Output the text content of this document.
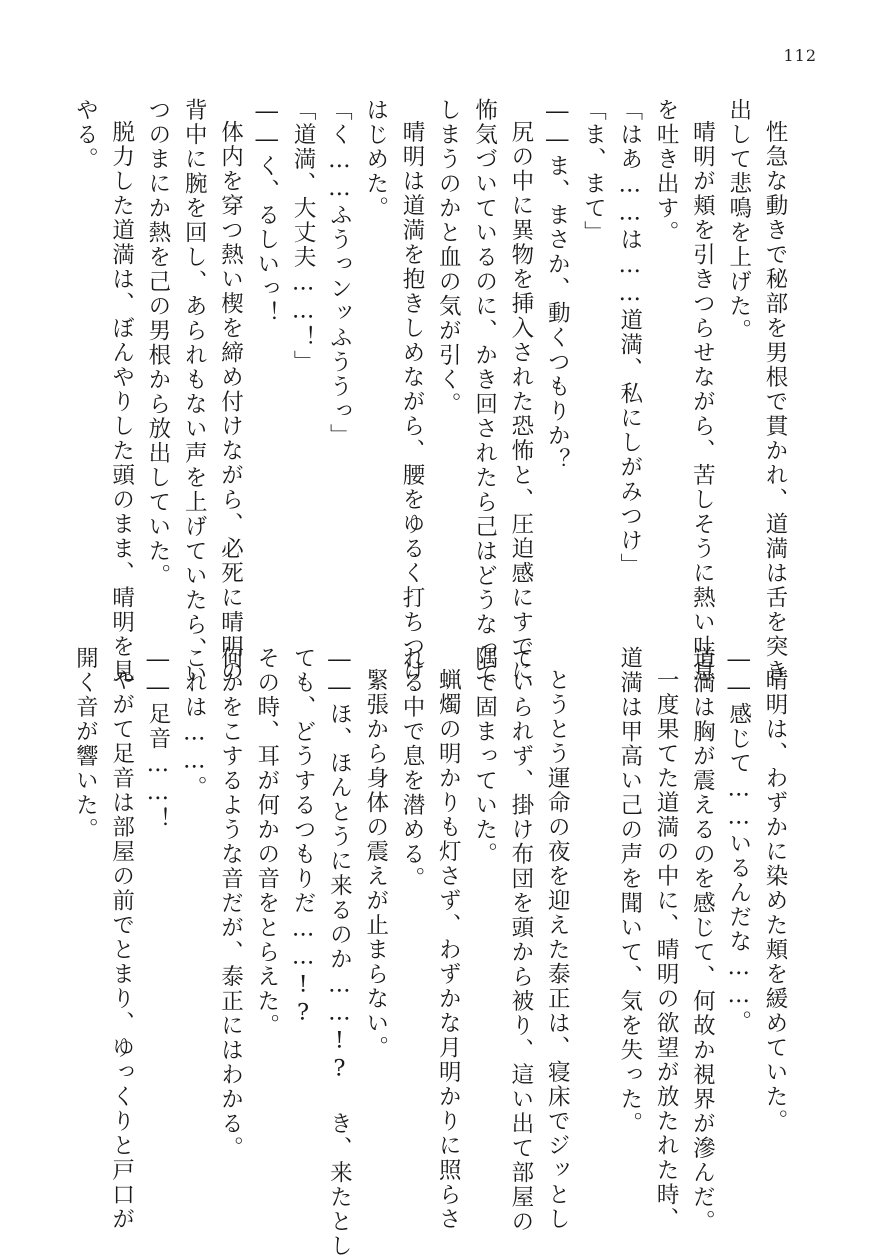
112
性急な動きで秘部を男根で貫かれ、道満は舌を突き
出して悲鳴を上げた。
晴明が頬を引きつらせながら、苦しそうに熱い吐息
を吐き出す。
「はあ……は……道満、私にしがみつけ」
「ま、まて」
――ま、まさか、動くつもりか？
尻の中に異物を挿入された恐怖と、圧迫感にすでに
怖気づいているのに、かき回されたら己はどうなって
しまうのかと血の気が引く。
晴明は道満を抱きしめながら、腰をゆるく打ちつけ
はじめた。
「く……ふうっンッふううっ」
「道満、大丈夫……！」
――く、るしいっ！
体内を穿つ熱い楔を締め付けながら、必死に晴明の
背中に腕を回し、あられもない声を上げていたら、い
つのまにか熱を己の男根から放出していた。
脱力した道満は、ぼんやりした頭のまま、晴明を見
やる。
晴明は、わずかに染めた頬を緩めていた。
――感じて……いるんだな……。
道満は胸が震えるのを感じて、何故か視界が滲んだ。
一度果てた道満の中に、晴明の欲望が放たれた時、
道満は甲高い己の声を聞いて、気を失った。
とうとう運命の夜を迎えた泰正は、寝床でジッとし
ていられず、掛け布団を頭から被り、這い出て部屋の
隅で固まっていた。
蝋燭の明かりも灯さず、わずかな月明かりに照らさ
れる中で息を潜める。
緊張から身体の震えが止まらない。
――ほ、ほんとうに来るのか……!? き、来たとし
ても、どうするつもりだ……!?
その時、耳が何かの音をとらえた。
何かをこするような音だが、泰正にはわかる。
これは……。
――足音……！
やがて足音は部屋の前でとまり、ゆっくりと戸口が
開く音が響いた。
